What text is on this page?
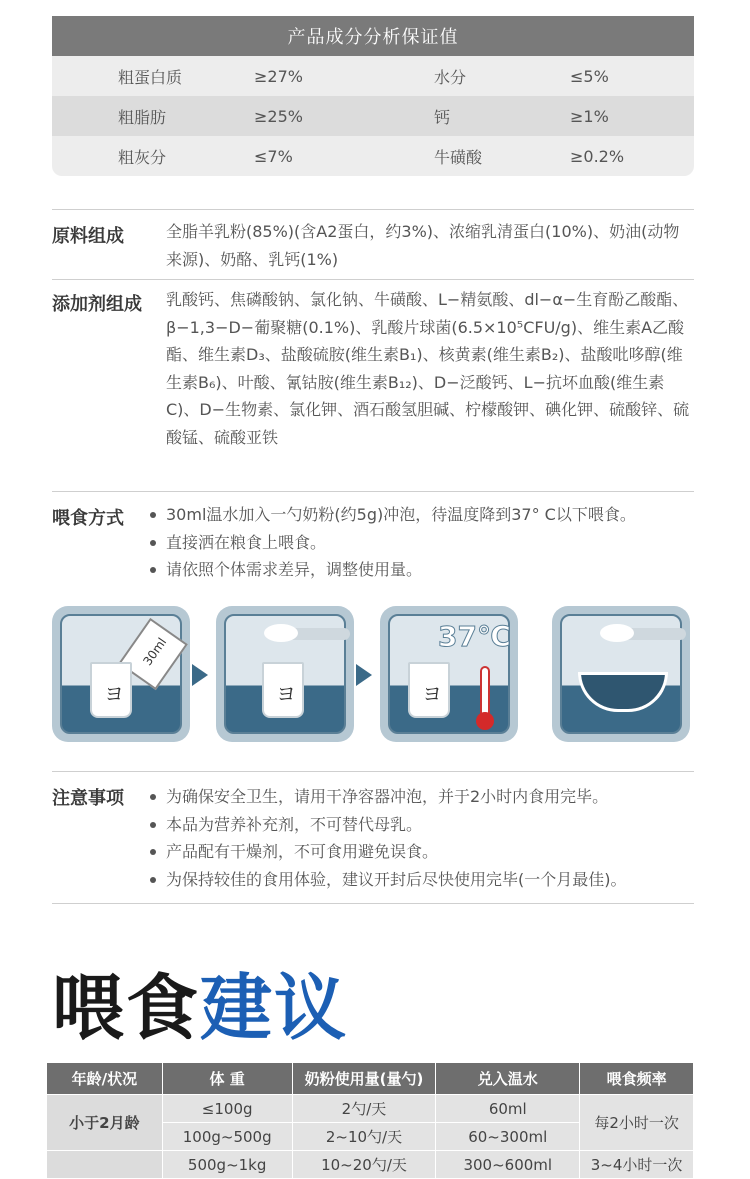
产品成分分析保证值
粗蛋白质	≥27%	水分	≤5%
粗脂肪	≥25%	钙	≥1%
粗灰分	≤7%	牛磺酸	≥0.2%
原料组成	全脂羊乳粉(85%)(含A2蛋白，约3%)、浓缩乳清蛋白(10%)、奶油(动物来源)、奶酪、乳钙(1%)
添加剂组成 乳酸钙、焦磷酸钠、氯化钠、牛磺酸、L−精氨酸、dl−α−生育酚乙酸酯、β−1,3−D−葡聚糖(0.1%)、乳酸片球菌(6.5×10⁵CFU/g)、维生素A乙酸酯、维生素D₃、盐酸硫胺(维生素B₁)、核黄素(维生素B₂)、盐酸吡哆醇(维生素B₆)、叶酸、氰钴胺(维生素B₁₂)、D−泛酸钙、L−抗坏血酸(维生素C)、D−生物素、氯化钾、酒石酸氢胆碱、柠檬酸钾、碘化钾、硫酸锌、硫酸锰、硫酸亚铁
喂食方式	30ml温水加入一勺奶粉(约5g)冲泡，待温度降到37° C以下喂食。
直接洒在粮食上喂食。
请依照个体需求差异，调整使用量。
30ml
ヨ
ヨ	37℃
ヨ
注意事项	为确保安全卫生，请用干净容器冲泡，并于2小时内食用完毕。
本品为营养补充剂，不可替代母乳。
产品配有干燥剂，不可食用避免误食。
为保持较佳的食用体验，建议开封后尽快使用完毕(一个月最佳)。
喂食建议
年龄/状况	体 重	奶粉使用量(量勺)	兑入温水	喂食频率
小于2月龄	≤100g	2勺/天	60ml	每2小时一次
	100g~500g	2~10勺/天	60~300ml	
	500g~1kg	10~20勺/天	300~600ml	3~4小时一次
